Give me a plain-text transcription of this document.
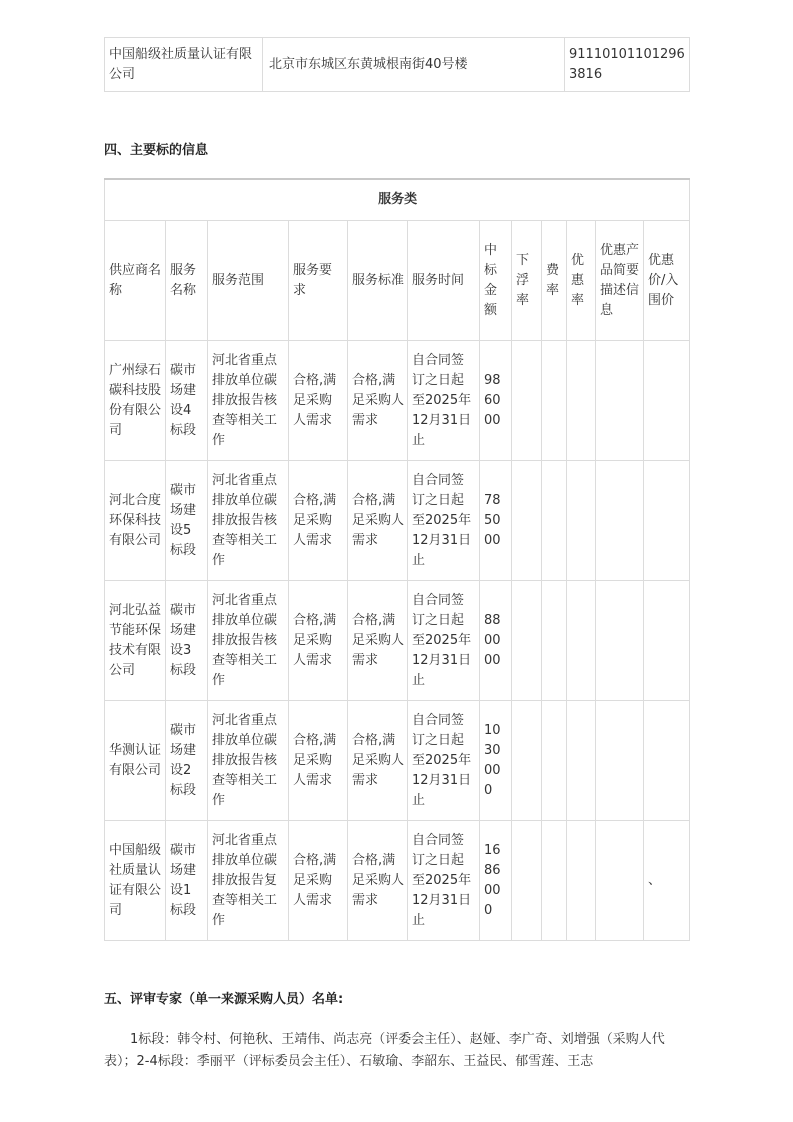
中国船级社质量认证有限公司	北京市东城区东黄城根南街40号楼	911101011012963816
四、主要标的信息
服务类											
供应商名称	服务名称	服务范围	服务要求	服务标准	服务时间	中标金额	下浮率	费率	优惠率	优惠产品简要描述信息	优惠价/入围价
广州绿石碳科技股份有限公司	碳市场建设4标段	河北省重点排放单位碳排放报告核查等相关工作	合格,满足采购人需求	合格,满足采购人需求	自合同签订之日起至2025年12月31日止	986000					
河北合度环保科技有限公司	碳市场建设5标段	河北省重点排放单位碳排放报告核查等相关工作	合格,满足采购人需求	合格,满足采购人需求	自合同签订之日起至2025年12月31日止	785000					
河北弘益节能环保技术有限公司	碳市场建设3标段	河北省重点排放单位碳排放报告核查等相关工作	合格,满足采购人需求	合格,满足采购人需求	自合同签订之日起至2025年12月31日止	880000					
华测认证有限公司	碳市场建设2标段	河北省重点排放单位碳排放报告核查等相关工作	合格,满足采购人需求	合格,满足采购人需求	自合同签订之日起至2025年12月31日止	1030000					
中国船级社质量认证有限公司	碳市场建设1标段	河北省重点排放单位碳排放报告复查等相关工作	合格,满足采购人需求	合格,满足采购人需求	自合同签订之日起至2025年12月31日止	1686000					、
五、评审专家（单一来源采购人员）名单:
1标段：韩令村、何艳秋、王靖伟、尚志亮（评委会主任）、赵娅、李广奇、刘增强（采购人代表）；2-4标段：季丽平（评标委员会主任）、石敏瑜、李韶东、王益民、郁雪莲、王志
